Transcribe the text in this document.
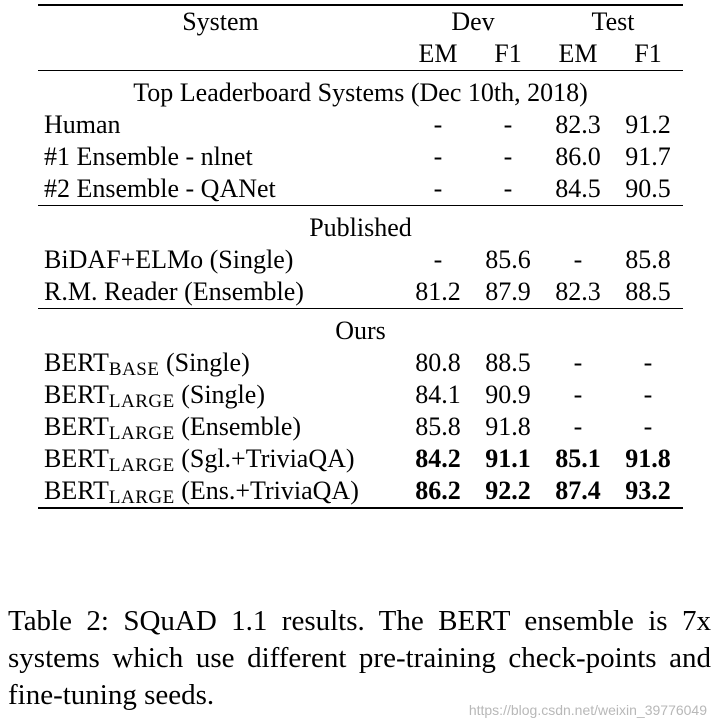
System	Dev		Test	
	EM	F1	EM	F1
Top Leaderboard Systems (Dec 10th, 2018)				
Human	-	-	82.3	91.2
#1 Ensemble - nlnet	-	-	86.0	91.7
#2 Ensemble - QANet	-	-	84.5	90.5
Published				
BiDAF+ELMo (Single)	-	85.6	-	85.8
R.M. Reader (Ensemble)	81.2	87.9	82.3	88.5
Ours				
$BERT_{BASE}$ (Single)	80.8	88.5	-	-
$BERT_{LARGE}$ (Single)	84.1	90.9	-	-
$BERT_{LARGE}$ (Ensemble)	85.8	91.8	-	-
$BERT_{LARGE}$ (Sgl.+TriviaQA)	84.2	91.1	85.1	91.8
$BERT_{LARGE}$ (Ens.+TriviaQA)	86.2	92.2	87.4	93.2
Table 2: SQuAD 1.1 results. The BERT ensemble is 7x systems which use different pre-training check-points and fine-tuning seeds.	https://blog.csdn.net/weixin_39776049
